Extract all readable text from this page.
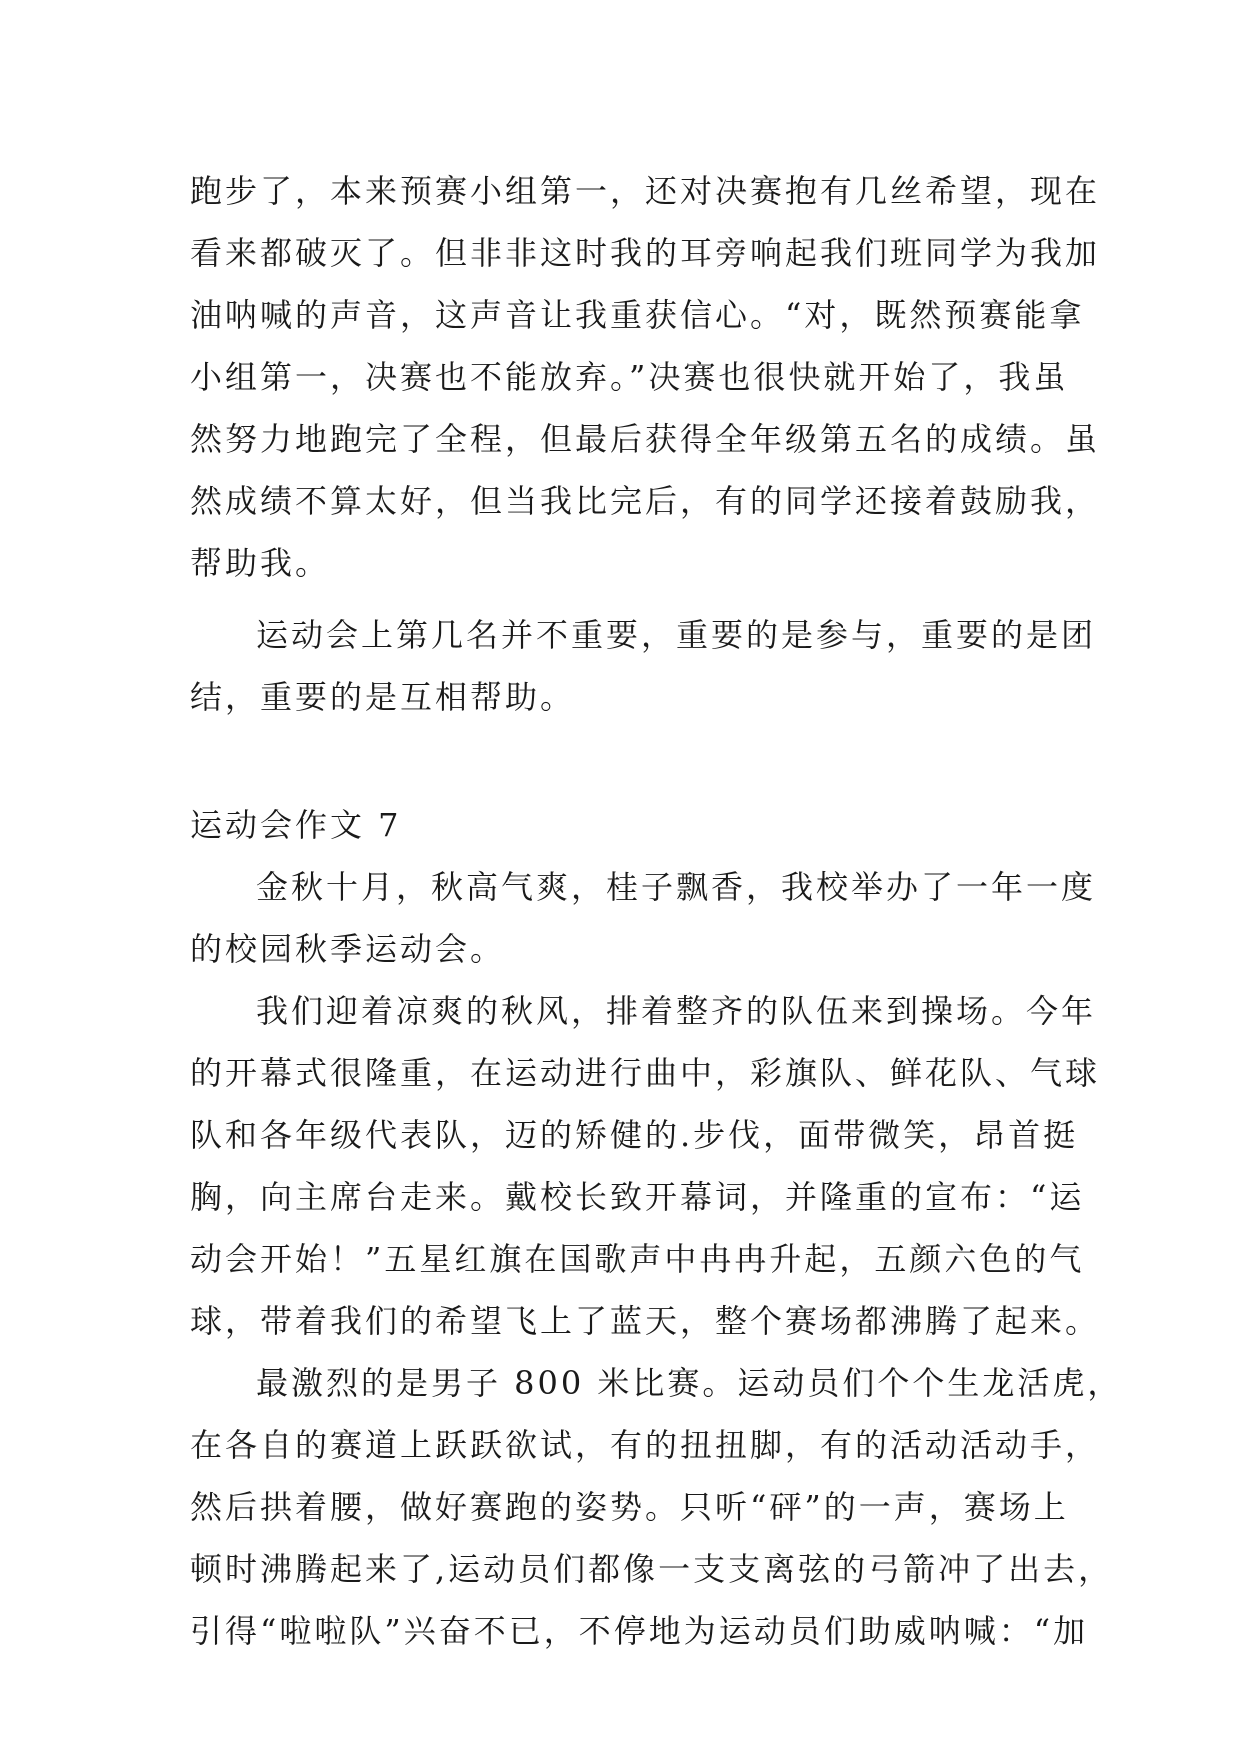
跑步了，本来预赛小组第一，还对决赛抱有几丝希望，现在
看来都破灭了。但非非这时我的耳旁响起我们班同学为我加
油呐喊的声音，这声音让我重获信心。“对，既然预赛能拿
小组第一，决赛也不能放弃。”决赛也很快就开始了，我虽
然努力地跑完了全程，但最后获得全年级第五名的成绩。虽
然成绩不算太好，但当我比完后，有的同学还接着鼓励我，
帮助我。
运动会上第几名并不重要，重要的是参与，重要的是团
结，重要的是互相帮助。
运动会作文 7
金秋十月，秋高气爽，桂子飘香，我校举办了一年一度
的校园秋季运动会。
我们迎着凉爽的秋风，排着整齐的队伍来到操场。今年
的开幕式很隆重，在运动进行曲中，彩旗队、鲜花队、气球
队和各年级代表队，迈的矫健的.步伐，面带微笑，昂首挺
胸，向主席台走来。戴校长致开幕词，并隆重的宣布：“运
动会开始！”五星红旗在国歌声中冉冉升起，五颜六色的气
球，带着我们的希望飞上了蓝天，整个赛场都沸腾了起来。
最激烈的是男子 800 米比赛。运动员们个个生龙活虎，
在各自的赛道上跃跃欲试，有的扭扭脚，有的活动活动手，
然后拱着腰，做好赛跑的姿势。只听“砰”的一声，赛场上
顿时沸腾起来了,运动员们都像一支支离弦的弓箭冲了出去，
引得“啦啦队”兴奋不已，不停地为运动员们助威呐喊：“加
